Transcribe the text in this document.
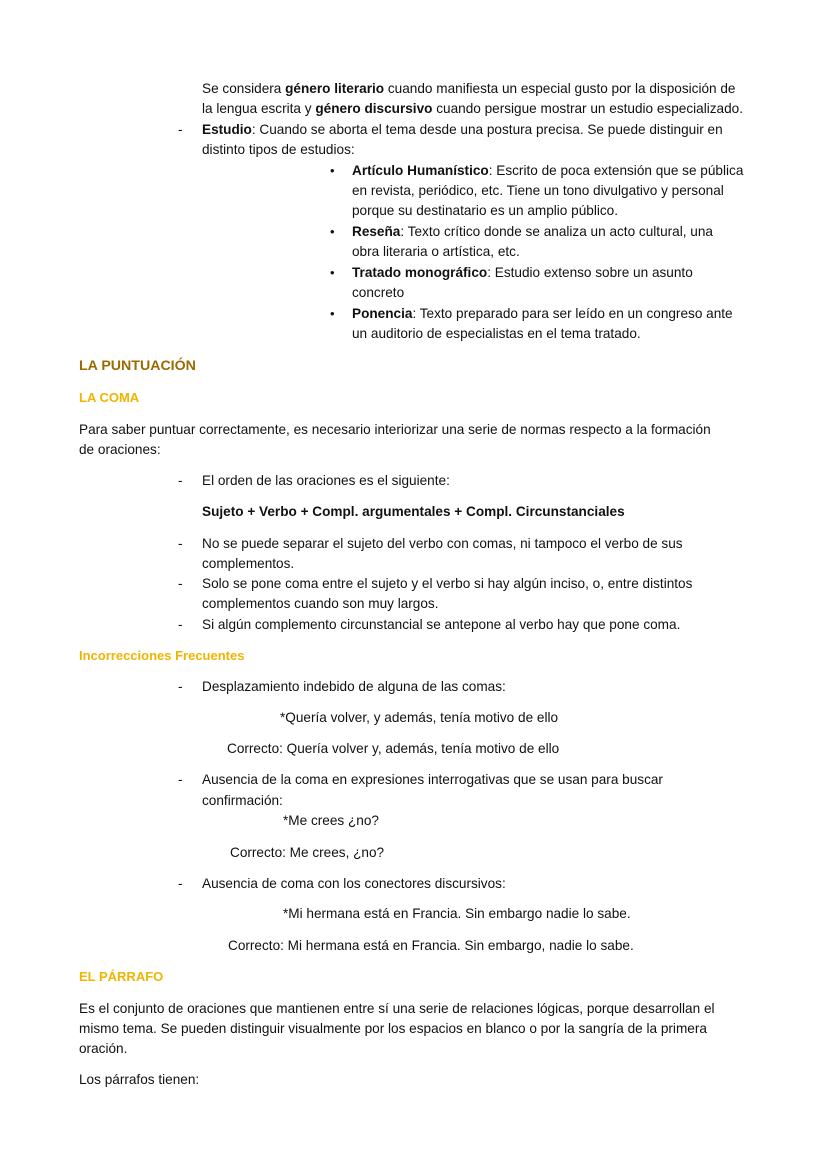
Se considera género literario cuando manifiesta un especial gusto por la disposición de
la lengua escrita y género discursivo cuando persigue mostrar un estudio especializado.
- Estudio: Cuando se aborta el tema desde una postura precisa. Se puede distinguir en
distinto tipos de estudios:
• Artículo Humanístico: Escrito de poca extensión que se pública
en revista, periódico, etc. Tiene un tono divulgativo y personal
porque su destinatario es un amplio público.
• Reseña: Texto crítico donde se analiza un acto cultural, una
obra literaria o artística, etc.
• Tratado monográfico: Estudio extenso sobre un asunto
concreto
• Ponencia: Texto preparado para ser leído en un congreso ante
un auditorio de especialistas en el tema tratado.
LA PUNTUACIÓN
LA COMA
Para saber puntuar correctamente, es necesario interiorizar una serie de normas respecto a la formación
de oraciones:
- El orden de las oraciones es el siguiente:
Sujeto + Verbo + Compl. argumentales + Compl. Circunstanciales
- No se puede separar el sujeto del verbo con comas, ni tampoco el verbo de sus
complementos.
- Solo se pone coma entre el sujeto y el verbo si hay algún inciso, o, entre distintos
complementos cuando son muy largos.
- Si algún complemento circunstancial se antepone al verbo hay que pone coma.
Incorrecciones Frecuentes
- Desplazamiento indebido de alguna de las comas:
*Quería volver, y además, tenía motivo de ello
Correcto: Quería volver y, además, tenía motivo de ello
- Ausencia de la coma en expresiones interrogativas que se usan para buscar
confirmación:
*Me crees ¿no?
Correcto: Me crees, ¿no?
- Ausencia de coma con los conectores discursivos:
*Mi hermana está en Francia. Sin embargo nadie lo sabe.
Correcto: Mi hermana está en Francia. Sin embargo, nadie lo sabe.
EL PÁRRAFO
Es el conjunto de oraciones que mantienen entre sí una serie de relaciones lógicas, porque desarrollan el
mismo tema. Se pueden distinguir visualmente por los espacios en blanco o por la sangría de la primera
oración.
Los párrafos tienen:
